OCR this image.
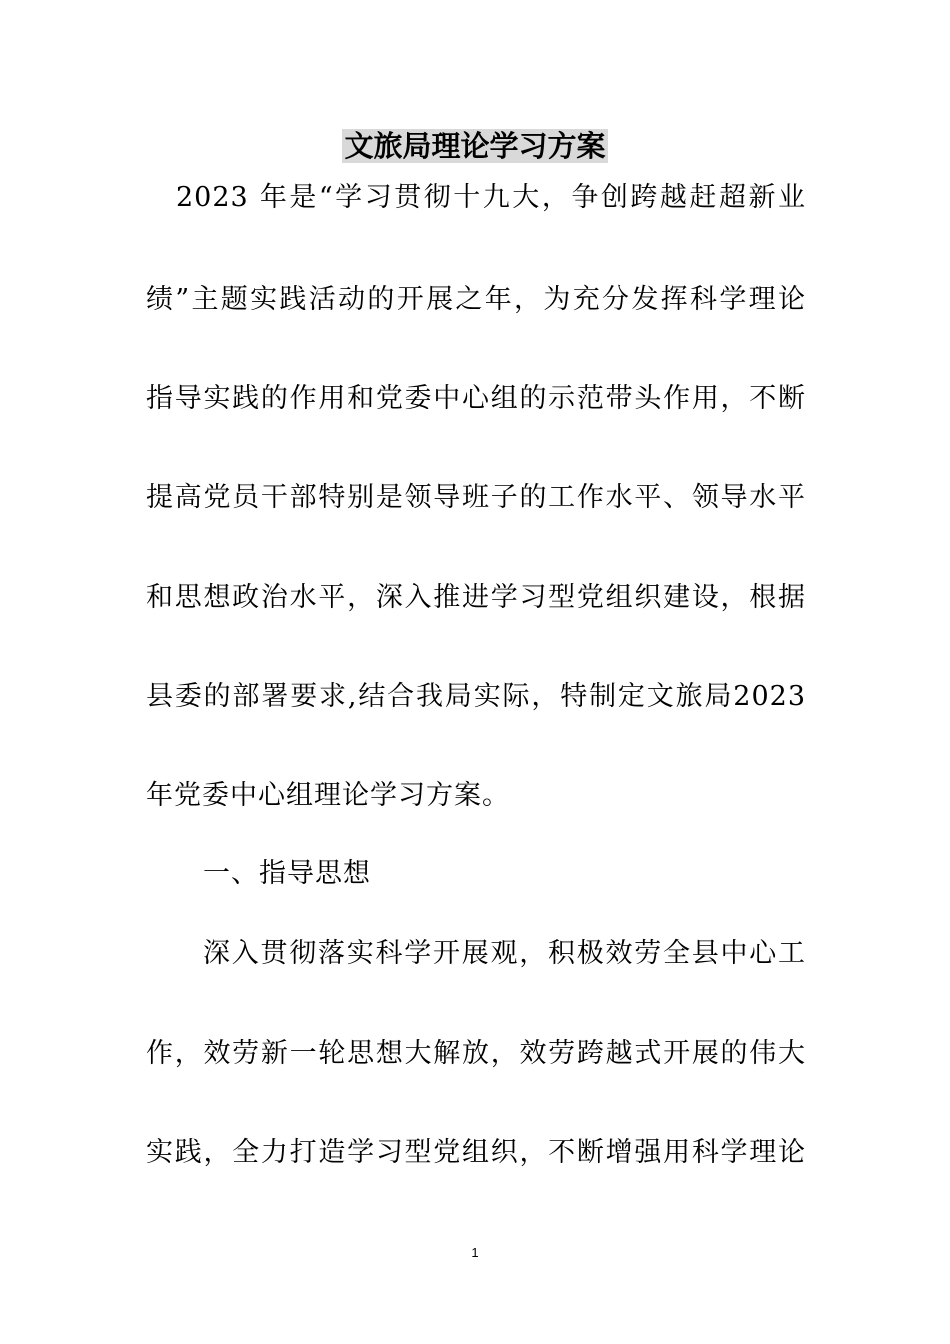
文旅局理论学习方案
2023 年是“学习贯彻十九大，争创跨越赶超新业
绩”主题实践活动的开展之年，为充分发挥科学理论
指导实践的作用和党委中心组的示范带头作用，不断
提高党员干部特别是领导班子的工作水平、领导水平
和思想政治水平，深入推进学习型党组织建设，根据
县委的部署要求,结合我局实际，特制定文旅局2023
年党委中心组理论学习方案。
一、指导思想
深入贯彻落实科学开展观，积极效劳全县中心工
作，效劳新一轮思想大解放，效劳跨越式开展的伟大
实践，全力打造学习型党组织，不断增强用科学理论
1
